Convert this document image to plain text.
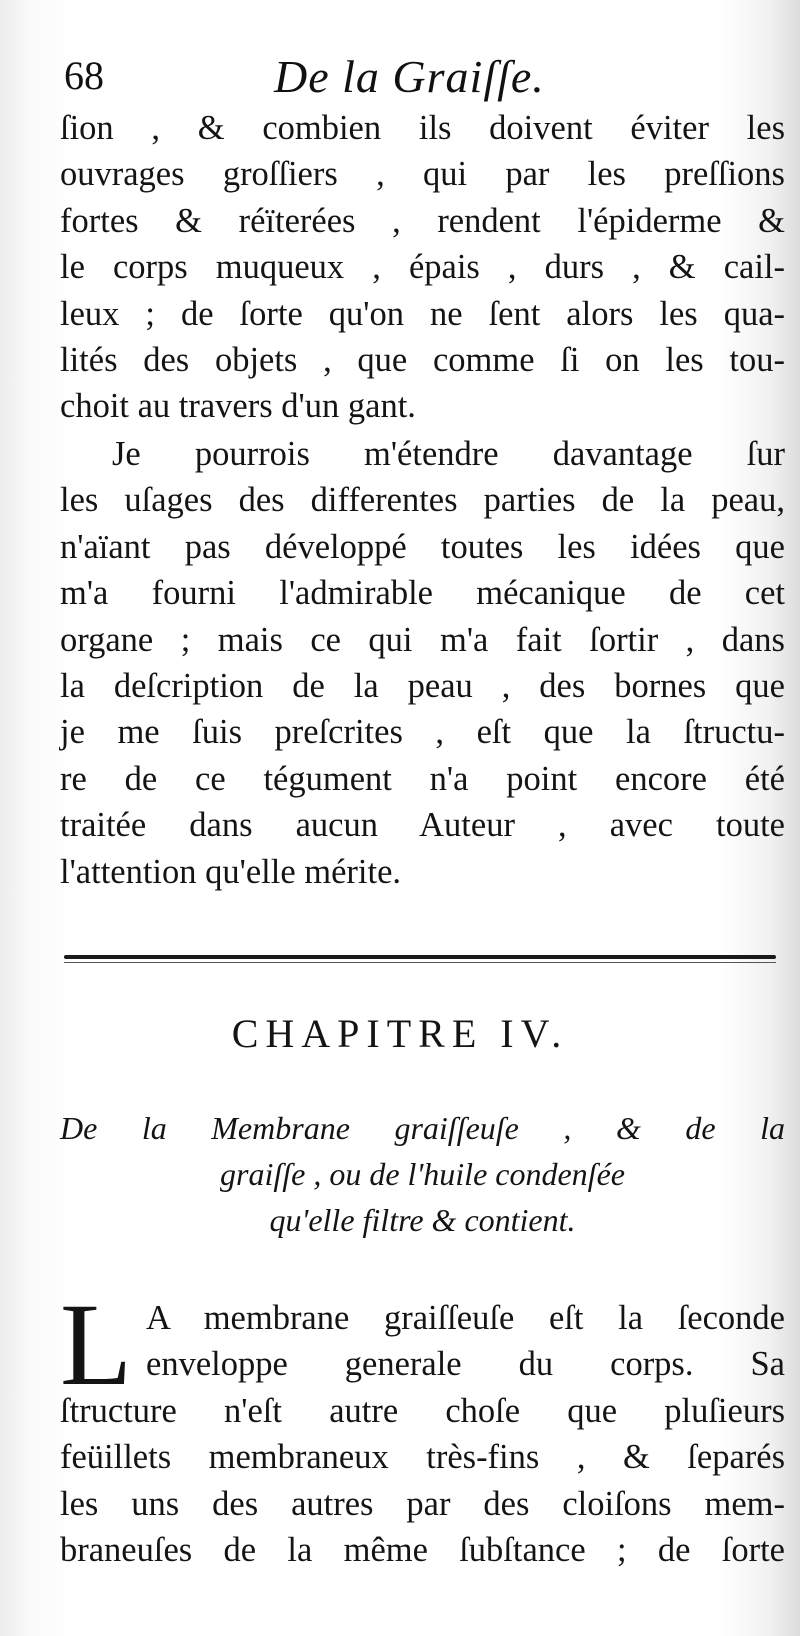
68	De la Graiſſe.
ſion , & combien ils doivent éviter les
ouvrages groſſiers , qui par les preſſions
fortes & réïterées , rendent l'épiderme &
le corps muqueux , épais , durs , & cail-
leux ; de ſorte qu'on ne ſent alors les qua-
lités des objets , que comme ſi on les tou-
choit au travers d'un gant.
Je pourrois m'étendre davantage ſur
les uſages des differentes parties de la peau,
n'aïant pas développé toutes les idées que
m'a fourni l'admirable mécanique de cet
organe ; mais ce qui m'a fait ſortir , dans
la deſcription de la peau , des bornes que
je me ſuis preſcrites , eſt que la ſtructu-
re de ce tégument n'a point encore été
traitée dans aucun Auteur , avec toute
l'attention qu'elle mérite.
CHAPITRE IV.
De la Membrane graiſſeuſe , & de la
graiſſe , ou de l'huile condenſée
qu'elle filtre & contient.
L A membrane graiſſeuſe eſt la ſeconde
enveloppe generale du corps. Sa
ſtructure n'eſt autre choſe que pluſieurs
feüillets membraneux très-fins , & ſeparés
les uns des autres par des cloiſons mem-
braneuſes de la même ſubſtance ; de ſorte
